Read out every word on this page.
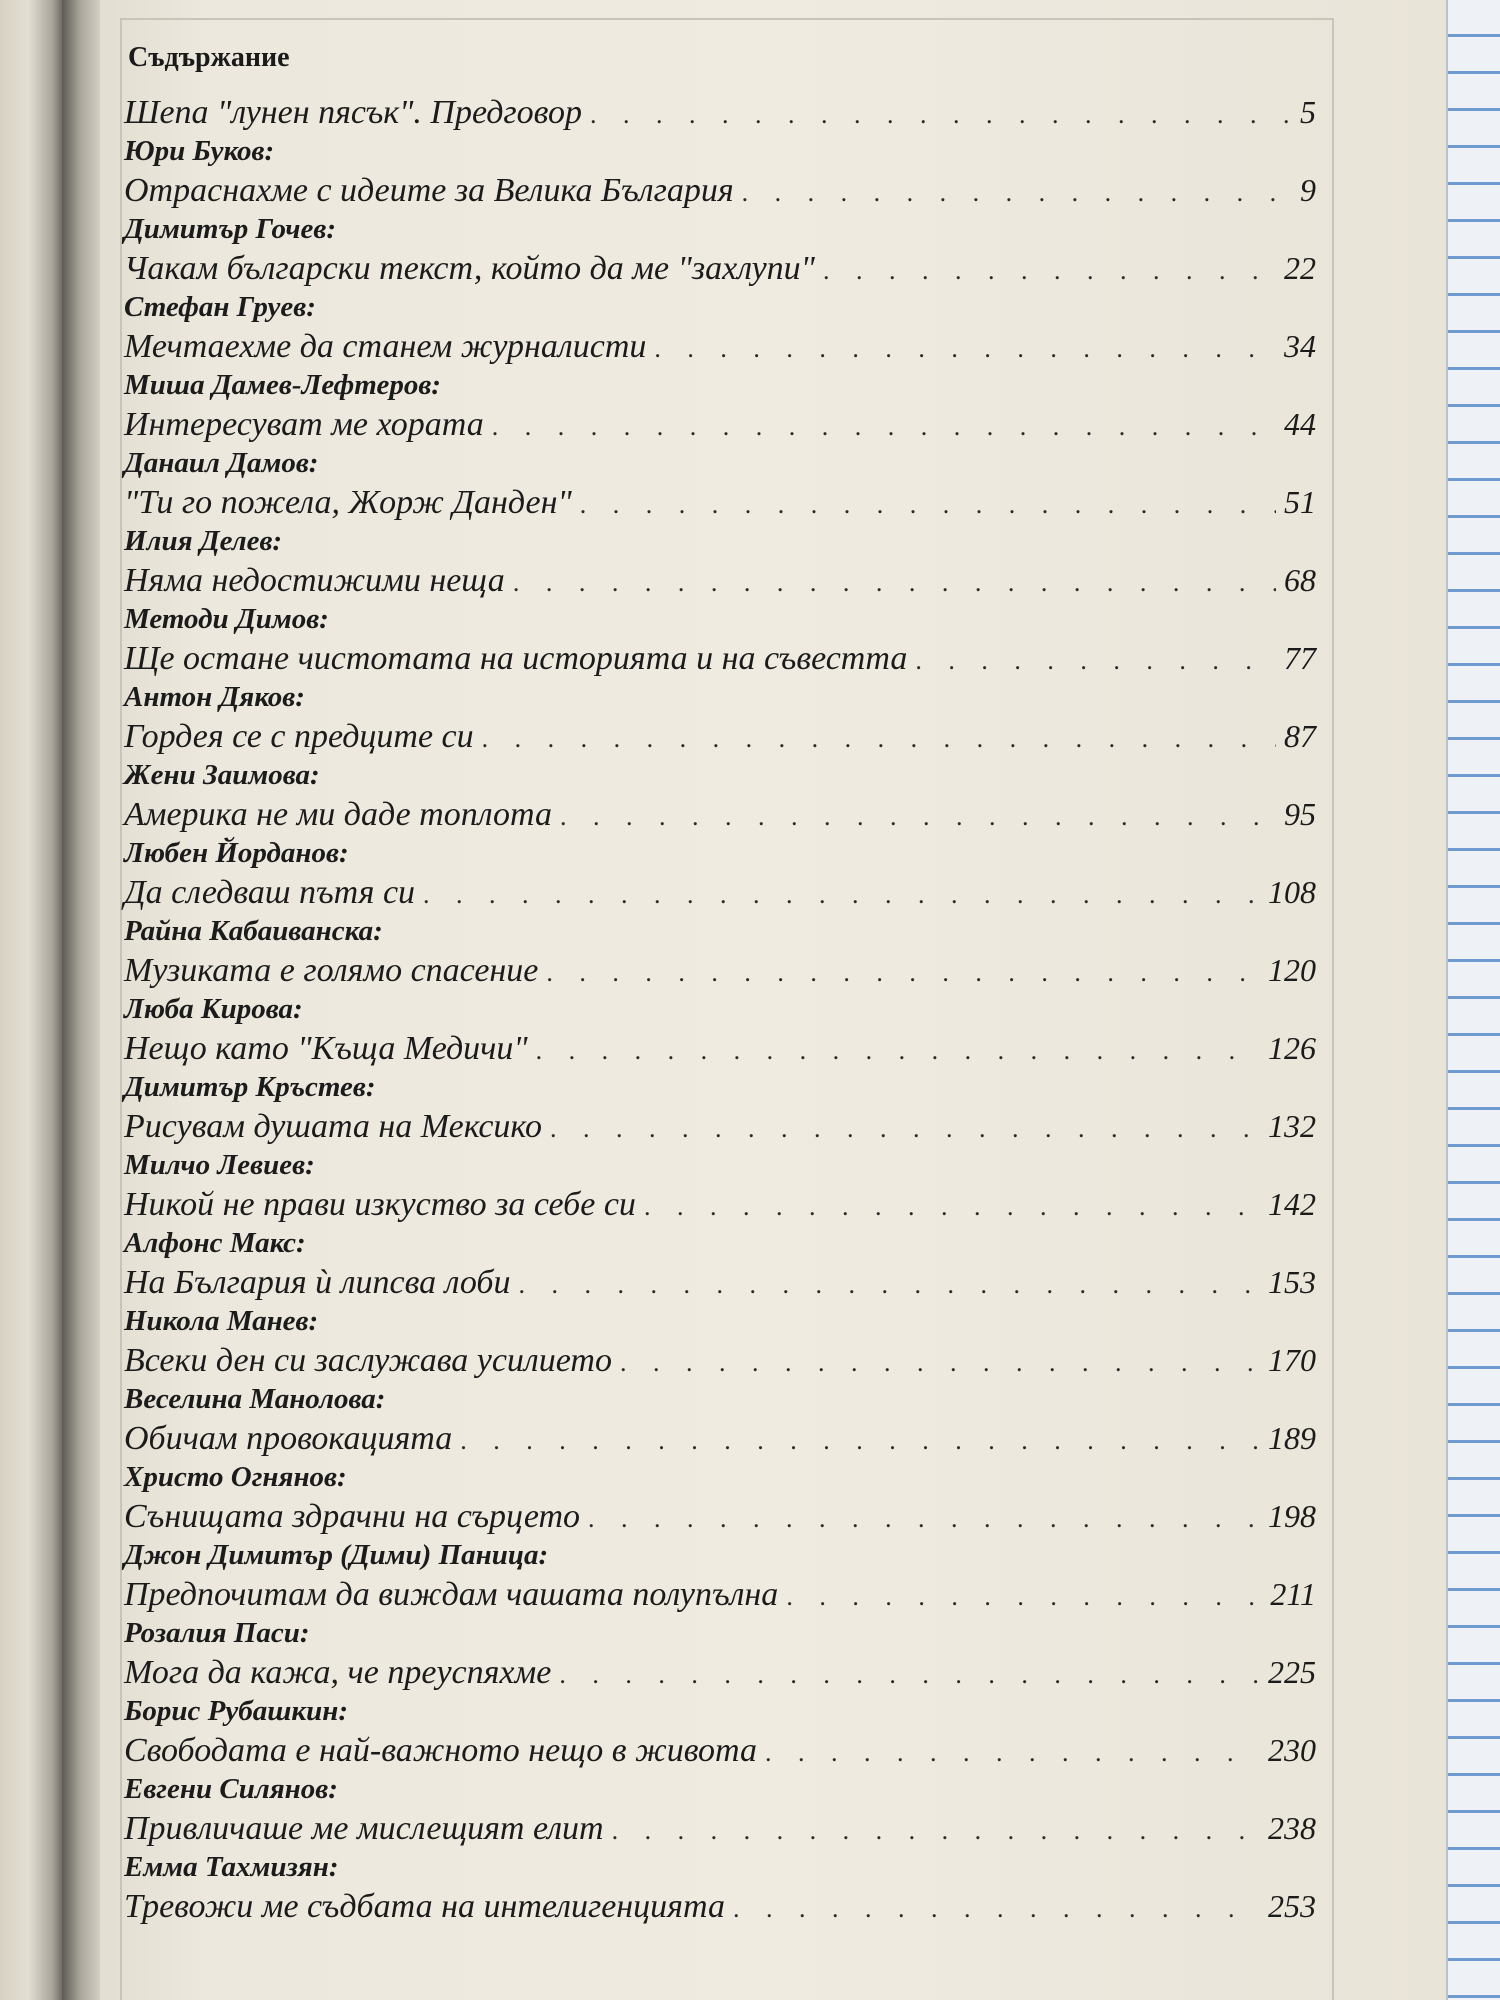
Съдържание
Шепа "лунен пясък". Предговор . . .	5
Юри Буков:
Отраснахме с идеите за Велика България . . .	9
Димитър Гочев:
Чакам български текст, който да ме "захлупи" . . .	22
Стефан Груев:
Мечтаехме да станем журналисти . . .	34
Миша Дамев-Лефтеров:
Интересуват ме хората . . .	44
Данаил Дамов:
"Ти го пожела, Жорж Данден" . . .	51
Илия Делев:
Няма недостижими неща . . .	68
Методи Димов:
Ще остане чистотата на историята и на съвестта . . .	77
Антон Дяков:
Гордея се с предците си . . .	87
Жени Заимова:
Америка не ми даде топлота . . .	95
Любен Йорданов:
Да следваш пътя си . . .	108
Райна Кабаиванска:
Музиката е голямо спасение . . .	120
Люба Кирова:
Нещо като "Къща Медичи" . . .	126
Димитър Кръстев:
Рисувам душата на Мексико . . .	132
Милчо Левиев:
Никой не прави изкуство за себе си . . .	142
Алфонс Макс:
На България ѝ липсва лоби . . .	153
Никола Манев:
Всеки ден си заслужава усилието . . .	170
Веселина Манолова:
Обичам провокацията . . .	189
Христо Огнянов:
Сънищата здрачни на сърцето . . .	198
Джон Димитър (Дими) Паница:
Предпочитам да виждам чашата полупълна . . .	211
Розалия Паси:
Мога да кажа, че преуспяхме . . .	225
Борис Рубашкин:
Свободата е най-важното нещо в живота . . .	230
Евгени Силянов:
Привличаше ме мислещият елит . . .	238
Емма Тахмизян:
Тревожи ме съдбата на интелигенцията . . .	253
